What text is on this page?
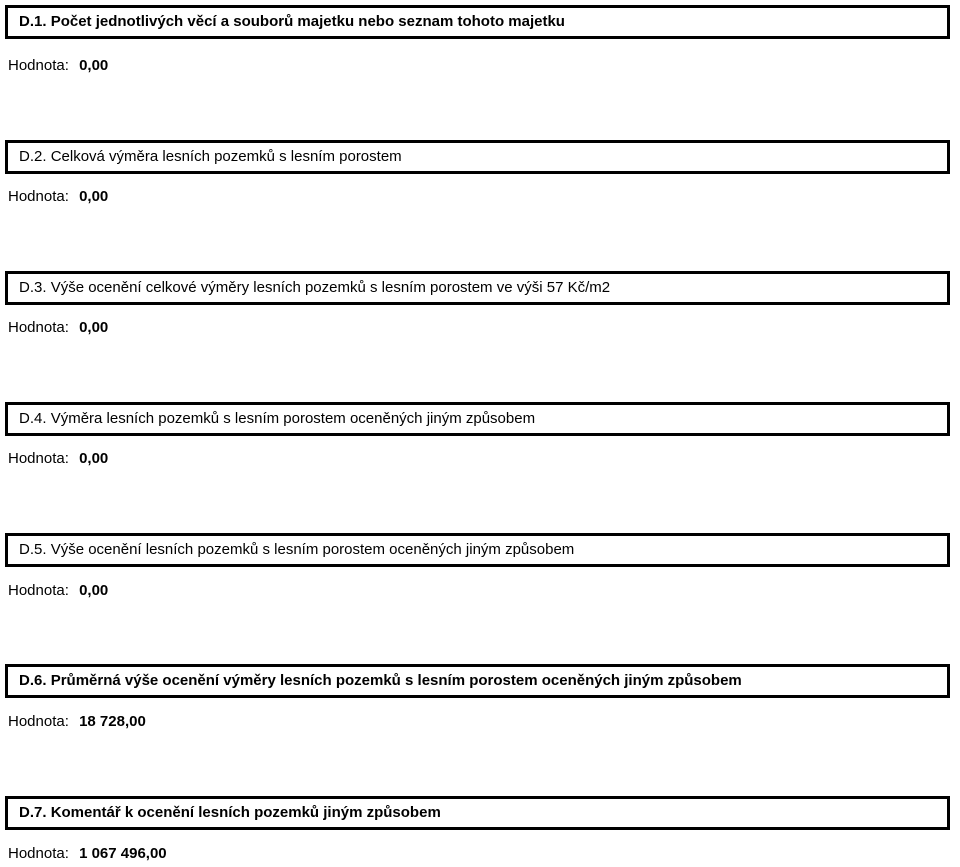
D.1. Počet jednotlivých věcí a souborů majetku nebo seznam tohoto majetku
Hodnota: 0,00
D.2. Celková výměra lesních pozemků s lesním porostem
Hodnota: 0,00
D.3. Výše ocenění celkové výměry lesních pozemků s lesním porostem ve výši 57 Kč/m2
Hodnota: 0,00
D.4. Výměra lesních pozemků s lesním porostem oceněných jiným způsobem
Hodnota: 0,00
D.5. Výše ocenění lesních pozemků s lesním porostem oceněných jiným způsobem
Hodnota: 0,00
D.6. Průměrná výše ocenění výměry lesních pozemků s lesním porostem oceněných jiným způsobem
Hodnota: 18 728,00
D.7. Komentář k ocenění lesních pozemků jiným způsobem
Hodnota: 1 067 496,00
